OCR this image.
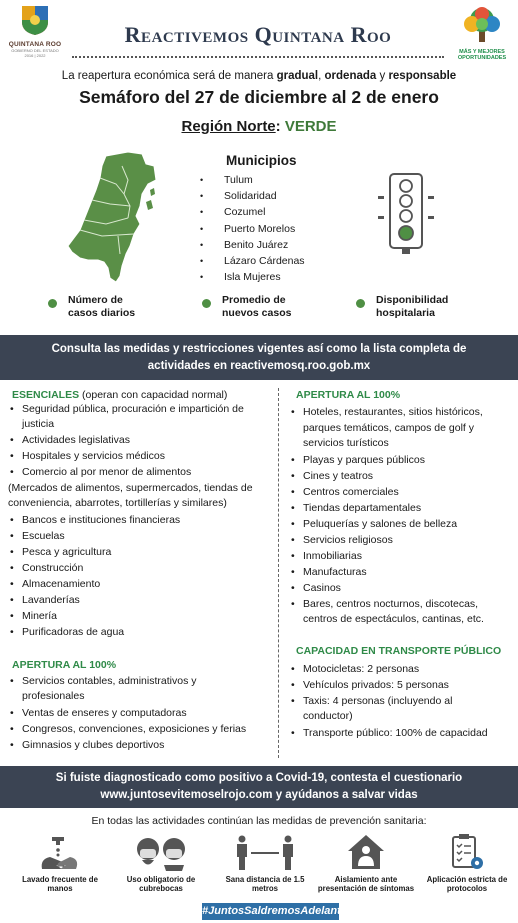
QUINTANA ROO
GOBIERNO DEL ESTADO
2016 | 2022
Reactivemos Quintana Roo
MÁS Y MEJORES
OPORTUNIDADES
La reapertura económica será de manera gradual, ordenada y responsable
Semáforo del 27 de diciembre al 2 de enero
Región Norte: VERDE
Municipios
• Tulum
• Solidaridad
• Cozumel
• Puerto Morelos
• Benito Juárez
• Lázaro Cárdenas
• Isla Mujeres
Número de
casos diarios
Promedio de
nuevos casos
Disponibilidad
hospitalaria
Consulta las medidas y restricciones vigentes así como la lista completa de
actividades en reactivemosq.roo.gob.mx
ESENCIALES (operan con capacidad normal)
• Seguridad pública, procuración e impartición de
justicia
• Actividades legislativas
• Hospitales y servicios médicos
• Comercio al por menor de alimentos
(Mercados de alimentos, supermercados, tiendas de
conveniencia, abarrotes, tortillerías y similares)
• Bancos e instituciones financieras
• Escuelas
• Pesca y agricultura
• Construcción
• Almacenamiento
• Lavanderías
• Minería
• Purificadoras de agua
APERTURA AL 100%
• Servicios contables, administrativos y
profesionales
• Ventas de enseres y computadoras
• Congresos, convenciones, exposiciones y ferias
• Gimnasios y clubes deportivos
APERTURA AL 100%
• Hoteles, restaurantes, sitios históricos,
parques temáticos, campos de golf y
servicios turísticos
• Playas y parques públicos
• Cines y teatros
• Centros comerciales
• Tiendas departamentales
• Peluquerías y salones de belleza
• Servicios religiosos
• Inmobiliarias
• Manufacturas
• Casinos
• Bares, centros nocturnos, discotecas,
centros de espectáculos, cantinas, etc.
CAPACIDAD EN TRANSPORTE PÚBLICO
• Motocicletas: 2 personas
• Vehículos privados: 5 personas
• Taxis: 4 personas (incluyendo al
conductor)
• Transporte público: 100% de capacidad
Si fuiste diagnosticado como positivo a Covid-19, contesta el cuestionario
www.juntosevitemoselrojo.com y ayúdanos a salvar vidas
En todas las actividades continúan las medidas de prevención sanitaria:
Lavado frecuente de manos
Uso obligatorio de cubrebocas
Sana distancia de 1.5 metros
Aislamiento ante presentación de síntomas
Aplicación estricta de protocolos
#JuntosSaldremosAdelante
